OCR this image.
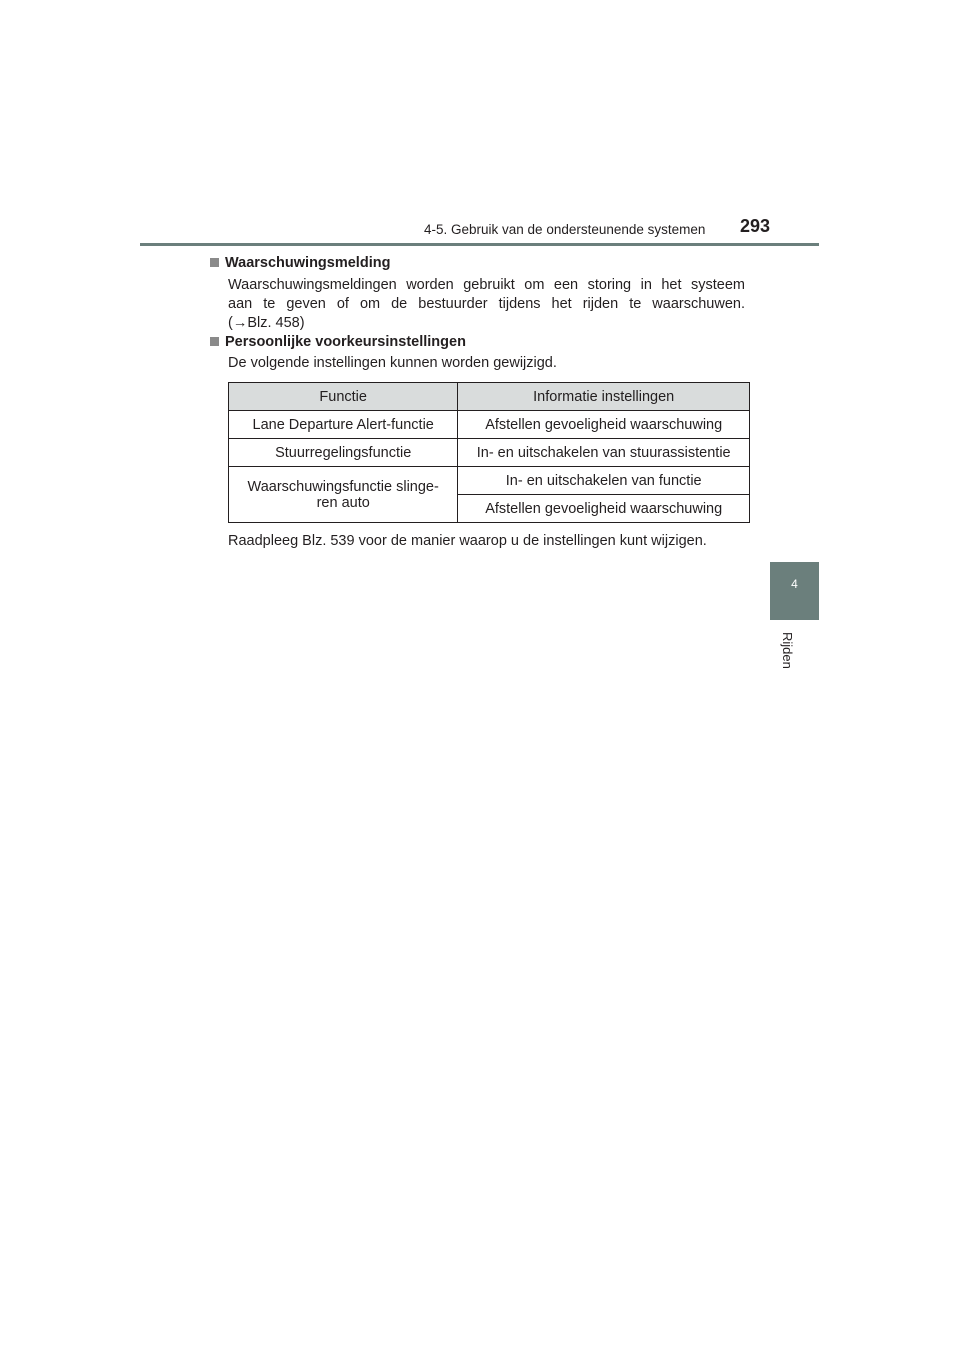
4-5. Gebruik van de ondersteunende systemen 293
4
Rijden
Waarschuwingsmelding
Waarschuwingsmeldingen worden gebruikt om een storing in het systeem
aan te geven of om de bestuurder tijdens het rijden te waarschuwen.
(→Blz. 458)
Persoonlijke voorkeursinstellingen
De volgende instellingen kunnen worden gewijzigd.
Functie	Informatie instellingen
Lane Departure Alert-functie	Afstellen gevoeligheid waarschuwing
Stuurregelingsfunctie	In- en uitschakelen van stuurassistentie

Waarschuwingsfunctie slinge-
ren auto	In- en uitschakelen van functie
	Afstellen gevoeligheid waarschuwing
Raadpleeg Blz. 539 voor de manier waarop u de instellingen kunt wijzigen.
